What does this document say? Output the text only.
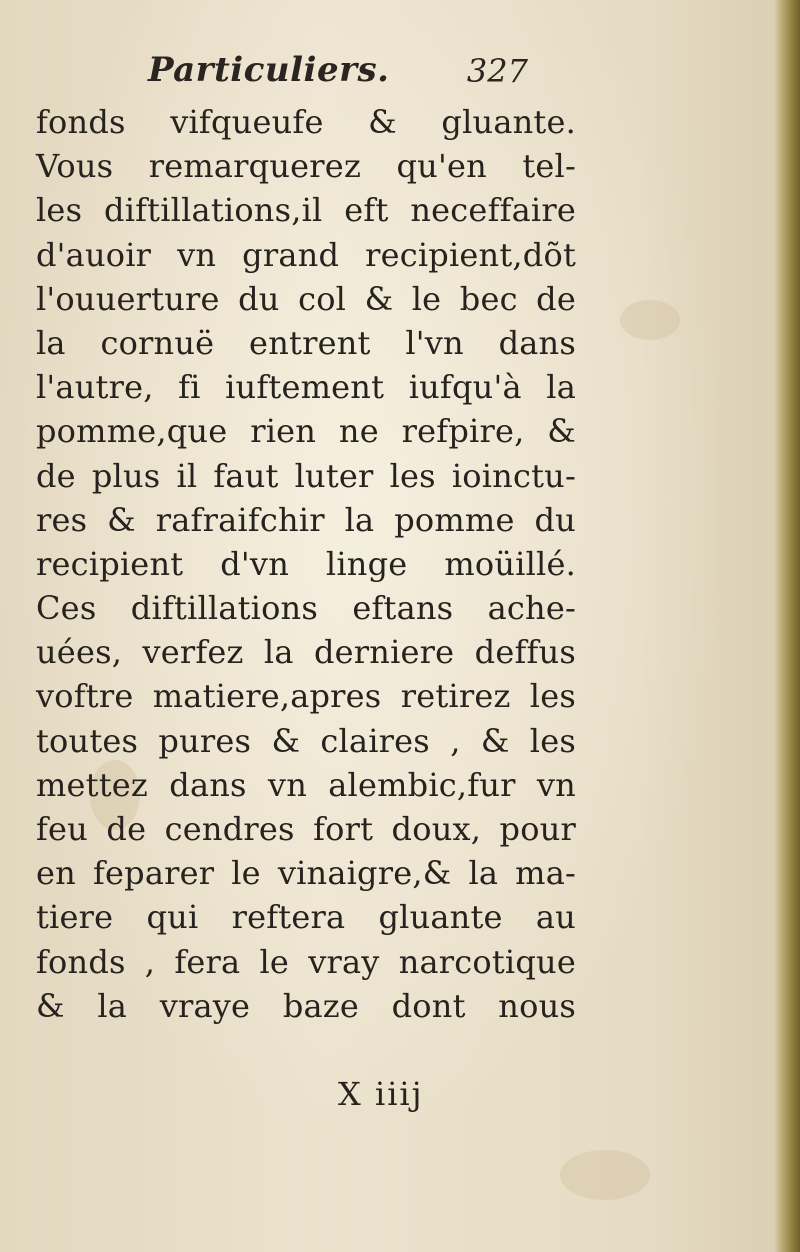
Particuliers. 327
fonds vifqueufe & gluante.
Vous remarquerez qu'en tel-
les diftillations,il eft neceffaire
d'auoir vn grand recipient,dõt
l'ouuerture du col & le bec de
la cornuë entrent l'vn dans
l'autre, fi iuftement iufqu'à la
pomme,que rien ne refpire, &
de plus il faut luter les ioinctu-
res & rafraifchir la pomme du
recipient d'vn linge moüillé.
Ces diftillations eftans ache-
uées, verfez la derniere deffus
voftre matiere,apres retirez les
toutes pures & claires , & les
mettez dans vn alembic,fur vn
feu de cendres fort doux, pour
en feparer le vinaigre,& la ma-
tiere qui reftera gluante au
fonds , fera le vray narcotique
& la vraye baze dont nous
X iiij
